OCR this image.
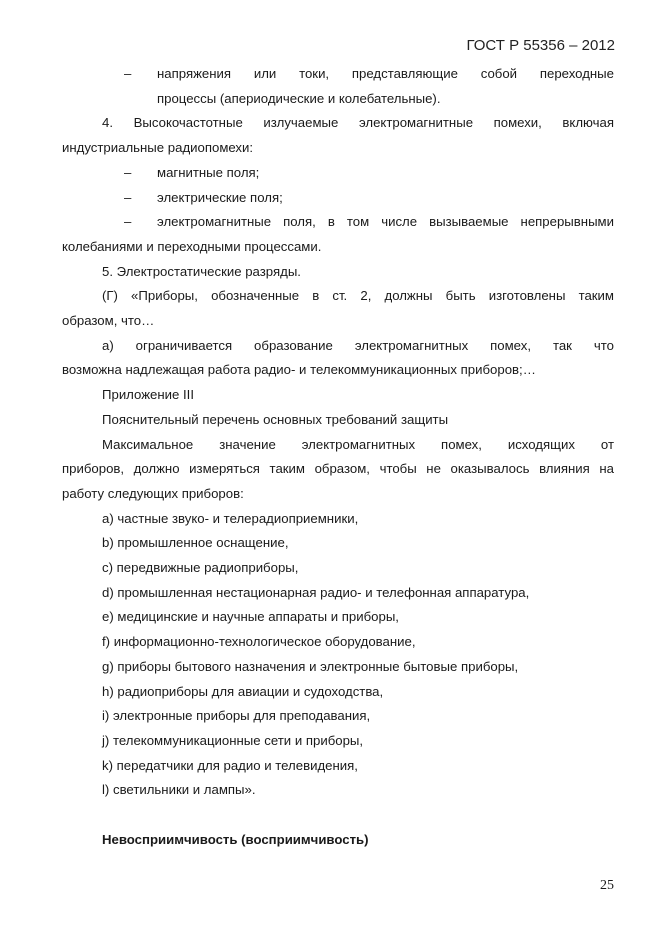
ГОСТ Р 55356 – 2012
–	напряжения или токи, представляющие собой переходные
процессы (апериодические и колебательные).
4. Высокочастотные излучаемые электромагнитные помехи, включая
индустриальные радиопомехи:
–	магнитные поля;
–	электрические поля;
–	электромагнитные поля, в том числе вызываемые непрерывными
колебаниями и переходными процессами.
5. Электростатические разряды.
(Г) «Приборы, обозначенные в ст. 2, должны быть изготовлены таким
образом, что…
а) ограничивается образование электромагнитных помех, так что
возможна надлежащая работа радио- и телекоммуникационных приборов;…
Приложение III
Пояснительный перечень основных требований защиты
Максимальное значение электромагнитных помех, исходящих от
приборов, должно измеряться таким образом, чтобы не оказывалось влияния на
работу следующих приборов:
а) частные звуко- и телерадиоприемники,
b) промышленное оснащение,
c) передвижные радиоприборы,
d) промышленная нестационарная радио- и телефонная аппаратура,
e) медицинские и научные аппараты и приборы,
f) информационно-технологическое оборудование,
g) приборы бытового назначения и электронные бытовые приборы,
h) радиоприборы для авиации и судоходства,
i) электронные приборы для преподавания,
j) телекоммуникационные сети и приборы,
k) передатчики для радио и телевидения,
l) светильники и лампы».
Невосприимчивость (восприимчивость)
25
